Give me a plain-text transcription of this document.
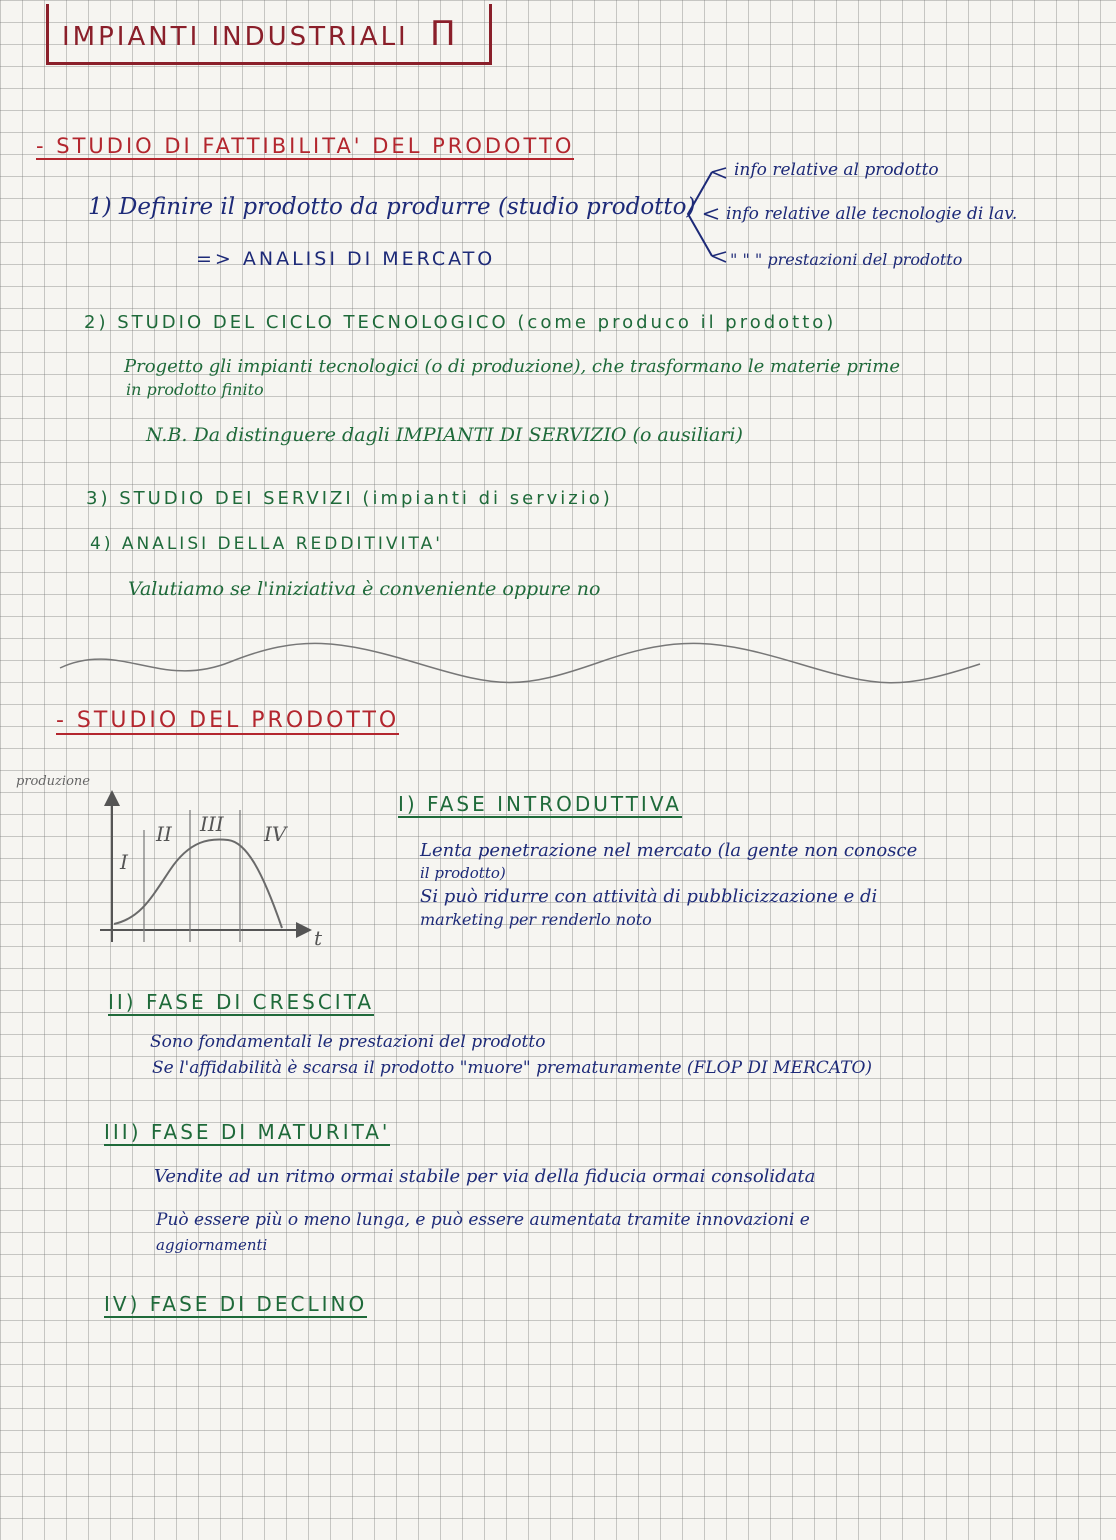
IMPIANTI INDUSTRIALI Π
- STUDIO DI FATTIBILITA' DEL PRODOTTO
1) Definire il prodotto da produrre (studio prodotto)
info relative al prodotto
info relative alle tecnologie di lav.
" " " prestazioni del prodotto
=> ANALISI DI MERCATO
2) STUDIO DEL CICLO TECNOLOGICO (come produco il prodotto)
Progetto gli impianti tecnologici (o di produzione), che trasformano le materie prime
in prodotto finito
N.B. Da distinguere dagli IMPIANTI DI SERVIZIO (o ausiliari)
3) STUDIO DEI SERVIZI (impianti di servizio)
4) ANALISI DELLA REDDITIVITA'
Valutiamo se l'iniziativa è conveniente oppure no
- STUDIO DEL PRODOTTO
produzione
t
I
II III IV
I) FASE INTRODUTTIVA
Lenta penetrazione nel mercato (la gente non conosce
il prodotto)
Si può ridurre con attività di pubblicizzazione e di
marketing per renderlo noto
II) FASE DI CRESCITA
Sono fondamentali le prestazioni del prodotto
Se l'affidabilità è scarsa il prodotto "muore" prematuramente (FLOP DI MERCATO)
III) FASE DI MATURITA'
Vendite ad un ritmo ormai stabile per via della fiducia ormai consolidata
Può essere più o meno lunga, e può essere aumentata tramite innovazioni e
aggiornamenti
IV) FASE DI DECLINO
